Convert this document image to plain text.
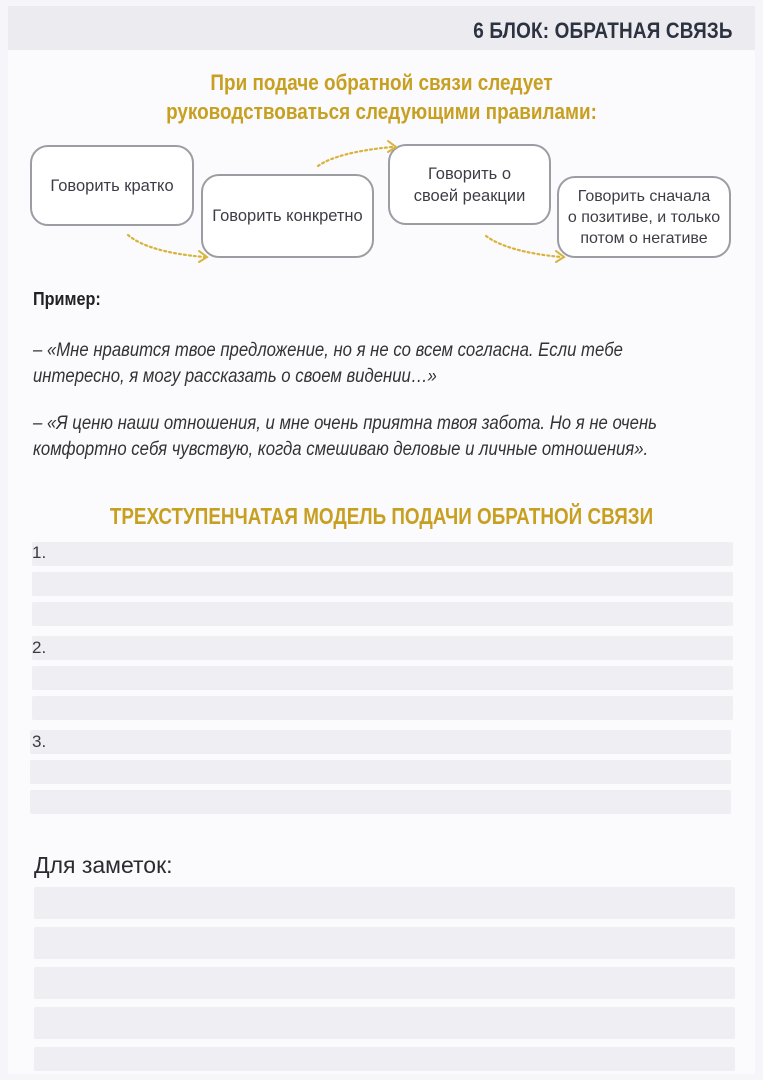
6 БЛОК: ОБРАТНАЯ СВЯЗЬ
При подаче обратной связи следует
руководствоваться следующими правилами:
Говорить кратко
Говорить конкретно
Говорить о
своей реакции	Говорить сначала
о позитиве, и только
потом о негативе
Пример:
– «Мне нравится твое предложение, но я не со всем согласна. Если тебе
интересно, я могу рассказать о своем видении…»
– «Я ценю наши отношения, и мне очень приятна твоя забота. Но я не очень
комфортно себя чувствую, когда смешиваю деловые и личные отношения».
ТРЕХСТУПЕНЧАТАЯ МОДЕЛЬ ПОДАЧИ ОБРАТНОЙ СВЯЗИ
1.
2.
3.
Для заметок:
